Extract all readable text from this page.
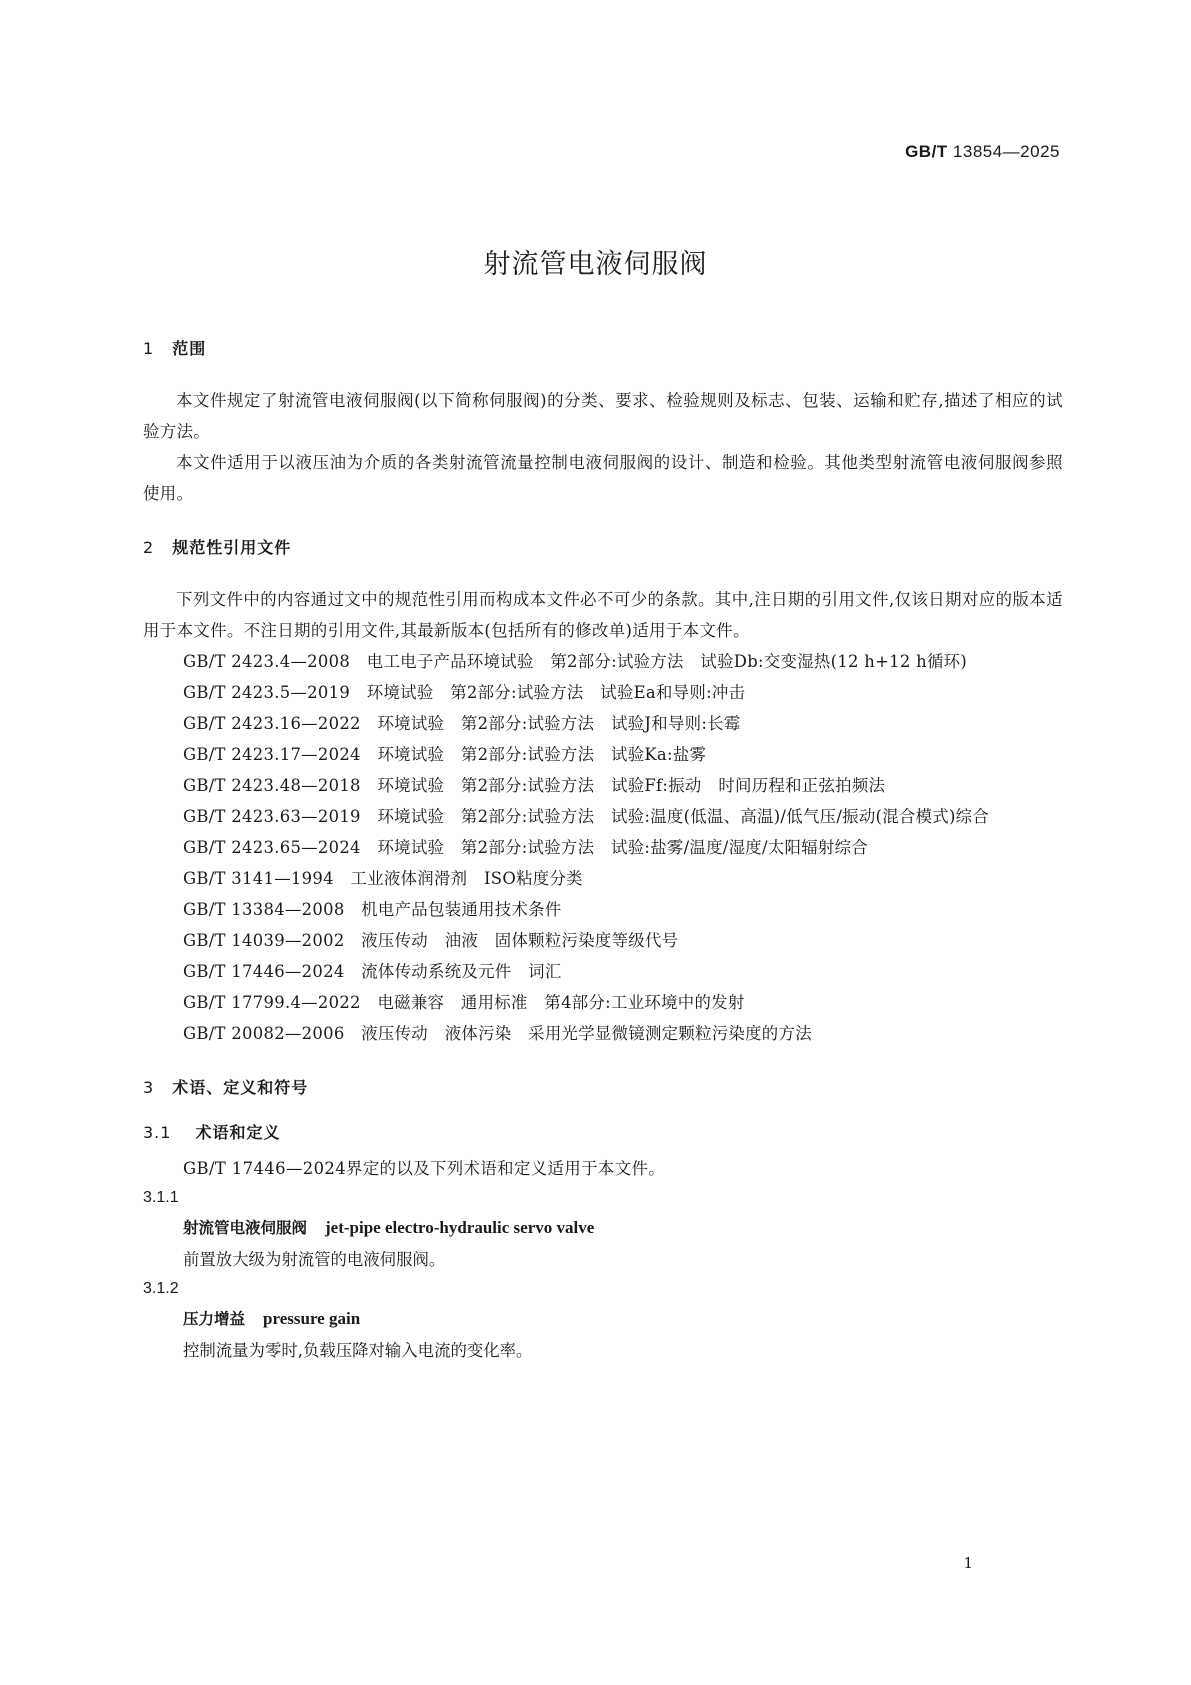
GB/T 13854—2025
射流管电液伺服阀
1 范围
本文件规定了射流管电液伺服阀(以下简称伺服阀)的分类、要求、检验规则及标志、包装、运输和贮存,描述了相应的试验方法。
本文件适用于以液压油为介质的各类射流管流量控制电液伺服阀的设计、制造和检验。其他类型射流管电液伺服阀参照使用。
2 规范性引用文件
下列文件中的内容通过文中的规范性引用而构成本文件必不可少的条款。其中,注日期的引用文件,仅该日期对应的版本适用于本文件。不注日期的引用文件,其最新版本(包括所有的修改单)适用于本文件。
GB/T 2423.4—2008　电工电子产品环境试验　第2部分:试验方法　试验Db:交变湿热(12 h+12 h循环)
GB/T 2423.5—2019　环境试验　第2部分:试验方法　试验Ea和导则:冲击
GB/T 2423.16—2022　环境试验　第2部分:试验方法　试验J和导则:长霉
GB/T 2423.17—2024　环境试验　第2部分:试验方法　试验Ka:盐雾
GB/T 2423.48—2018　环境试验　第2部分:试验方法　试验Ff:振动　时间历程和正弦拍频法
GB/T 2423.63—2019　环境试验　第2部分:试验方法　试验:温度(低温、高温)/低气压/振动(混合模式)综合
GB/T 2423.65—2024　环境试验　第2部分:试验方法　试验:盐雾/温度/湿度/太阳辐射综合
GB/T 3141—1994　工业液体润滑剂　ISO粘度分类
GB/T 13384—2008　机电产品包装通用技术条件
GB/T 14039—2002　液压传动　油液　固体颗粒污染度等级代号
GB/T 17446—2024　流体传动系统及元件　词汇
GB/T 17799.4—2022　电磁兼容　通用标准　第4部分:工业环境中的发射
GB/T 20082—2006　液压传动　液体污染　采用光学显微镜测定颗粒污染度的方法
3 术语、定义和符号
3.1 术语和定义
GB/T 17446—2024界定的以及下列术语和定义适用于本文件。
3.1.1
射流管电液伺服阀 jet-pipe electro-hydraulic servo valve
前置放大级为射流管的电液伺服阀。
3.1.2
压力增益 pressure gain
控制流量为零时,负载压降对输入电流的变化率。
1
